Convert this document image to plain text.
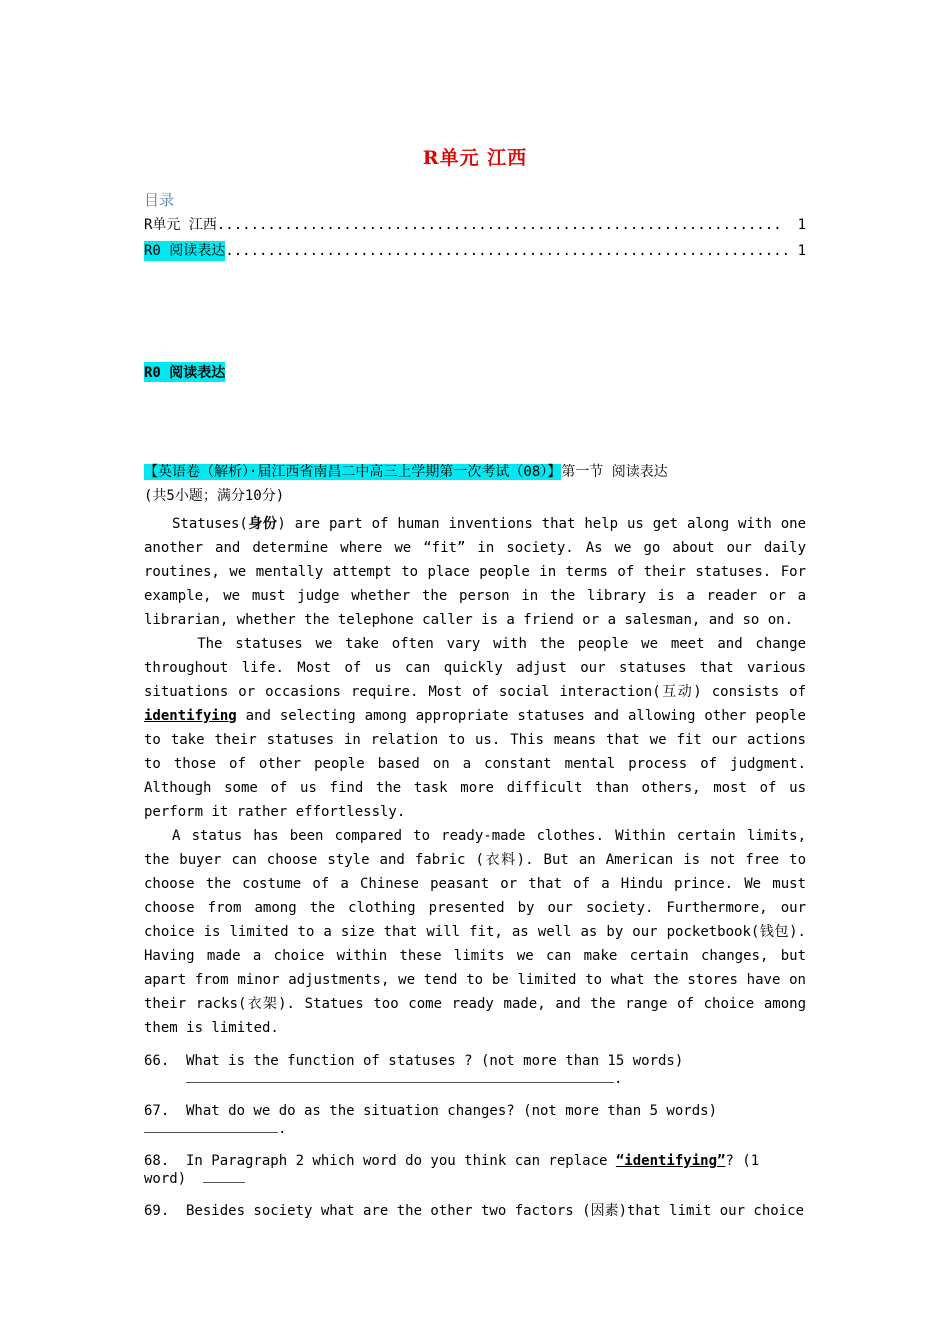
R单元 江西
目录
R单元 江西 ...................................................................	1
R0 阅读表达 ................................................................... 1
R0 阅读表达
【英语卷（解析）·届江西省南昌二中高三上学期第一次考试（08）】第一节 阅读表达
(共5小题；满分10分)

Statuses(身份) are part of human inventions that help us get along with one another and determine where we “fit” in society. As we go about our daily routines, we mentally attempt to place people in terms of their statuses. For example, we must judge whether the person in the library is a reader or a librarian, whether the telephone caller is a friend or a salesman, and so on.

The statuses we take often vary with the people we meet and change throughout life. Most of us can quickly adjust our statuses that various situations or occasions require. Most of social interaction(互动) consists of identifying and selecting among appropriate statuses and allowing other people to take their statuses in relation to us. This means that we fit our actions to those of other people based on a constant mental process of judgment. Although some of us find the task more difficult than others, most of us perform it rather effortlessly.

A status has been compared to ready-made clothes. Within certain limits, the buyer can choose style and fabric (衣料). But an American is not free to choose the costume of a Chinese peasant or that of a Hindu prince. We must choose from among the clothing presented by our society. Furthermore, our choice is limited to a size that will fit, as well as by our pocketbook(钱包). Having made a choice within these limits we can make certain changes, but apart from minor adjustments, we tend to be limited to what the stores have on their racks(衣架). Statues too come ready made, and the range of choice among them is limited.

66. What is the function of statuses ? (not more than 15 words)
.
67. What do we do as the situation changes? (not more than 5 words)
.
68. In Paragraph 2 which word do you think can replace “identifying”? (1
word)
69. Besides society what are the other two factors (因素)that limit our choice
